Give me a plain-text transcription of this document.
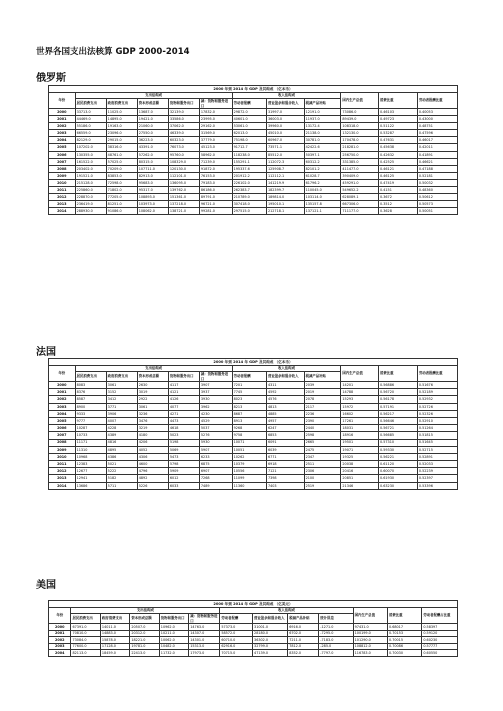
世界各国支出法核算 GDP 2000-2014
俄罗斯
2000 年到 2014 年 GDP 及其构成 （亿本币）											
年份	支出法构成					收入法构成			国内生产总值	消费比重	劳动者报酬比重
	居民消费支出	政府消费支出	资本形成总额	货物和服务出口	减：货物和服务进口	劳动者报酬	营业盈余和混合收入	税减产品补贴			
2000	33713.0	11025.0	13687.0	32139.0	17832.0	29872.0	31997.0	12191.0	73086.0	0.46103	0.40053
2001	44469.0	14895.0	19421.0	33586.0	23995.0	40601.0	36003.0	11937.0	89439.0	0.49723	0.43000
2002	55186.0	19163.0	21060.0	37062.0	29162.0	53061.0	39960.0	13172.4	108318.0	0.51122	0.48751
2003	66559.0	23096.0	27550.0	46339.0	31569.0	62013.0	45010.0	21138.0	132130.0	0.53287	0.47596
2004	82129.0	29015.0	36223.0	60323.0	37779.0	75198.0	60967.0	30781.0	170478.0	0.47631	0.46017
2005	107202.0	38316.0	43391.0	76073.0	45123.0	91712.7	73571.1	42422.6	218281.0	0.45638	0.42011
2006	130355.0	48761.0	57262.0	95760.0	58962.0	118238.0	85512.0	50397.1	256750.0	0.42632	0.41891
2007	161522.0	57025.0	80315.0	108329.0	71239.0	155291.1	112072.3	60312.2	331385.0	0.42525	0.46621
2008	203402.0	70209.0	107711.0	120130.0	91872.0	195337.6	125908.7	82101.2	411477.0	0.46121	0.47188
2009	191521.0	83853.0	82913.0	112101.0	76153.0	201912.2	112112.1	61028.7	390409.0	0.46125	0.52181
2010	215128.0	72598.0	95683.0	136095.0	79183.0	226102.0	141219.9	61796.2	459291.0	0.47419	0.50032
2011	225860.0	71802.0	95317.0	139762.0	86186.0	262383.7	182399.7	110045.0	549652.2	0.4151	0.48360
2012	228870.0	77205.0	108893.0	151361.0	89791.0	210789.0	189814.0	103114.0	628089.1	0.3672	0.50612
2013	236419.0	81251.0	103973.0	137218.0	96721.0	307418.0	195010.1	135157.8	667306.0	0.3512	0.50573
2014	288930.0	91086.0	108062.0	138721.0	99281.0	297515.0	212718.1	137121.1	711177.0	0.3628	0.50051
法国
2000 年到 2014 年 GDP 及其构成 （亿本币）											
年份	支出法构成					收入法构成			国内生产总值	消费比重	劳动者报酬比重
	居民消费支出	政府消费支出	资本形成总额	货物和服务出口	减：货物和服务进口	劳动者报酬	营业盈余和混合收入	税减产品补贴			
2000	8083	3061	2630	4117	3907	7201	4311	2039	14201	0.56886	0.51676
2001	8376	3152	3019	4121	3937	7745	4592	2019	14788	0.56720	0.52189
2002	8587	3412	2922	4126	3930	8023	4576	2078	15293	0.56178	0.52932
2003	8900	3771	3061	4077	3962	8213	4813	2117	15972	0.57191	0.52726
2004	9333	3906	3236	4271	4230	8687	4885	2236	16602	0.56217	0.52326
2005	9777	4007	3476	4473	4529	8913	4957	2390	17261	0.56646	0.52910
2006	10287	4228	3219	4618	5037	9268	6247	2440	18031	0.56721	0.51264
2007	10733	4389	4180	5023	5276	9758	6853	2598	18916	0.56685	0.51815
2008	11171	4816	4206	5198	5930	10071	6091	2665	19501	0.57310	0.51645
2009	11310	4895	4052	5069	5907	10051	6039	2475	19071	0.59330	0.52715
2010	10968	4386	4306	5473	6233	10262	6771	2347	19325	0.56221	0.52891
2011	12383	5021	4600	5798	6875	10379	6918	2511	20038	0.61120	0.52033
2012	12677	5222	4796	5909	6907	10556	7121	2306	20416	0.60070	0.52239
2013	12941	5182	4892	6012	7268	11099	7398	2100	20851	0.61930	0.52397
2014	13686	5711	5226	6033	7489	11360	7403	2519	21346	0.63230	0.53396
美国
2000 年到 2014 年 GDP 及其构成 （亿美元）												
年份	支出法构成					收入法构成				国内生产总值	消费比重	劳动者报酬占比重
	居民消费支出	政府消费支出	资本形成总额	货物和服务出口	减：货物和服务进口	劳动者报酬	营业盈余和混合收入	税减产品补贴	统计误差			
2000	67391.0	14011.0	20507.0	10962.0	14763.0	57373.0	31001.0	6916.0	-1271.0	97431.0	0.68017	0.58397
2001	70810.0	14883.0	20312.0	10211.0	14307.0	58572.0	28180.0	6702.0	-7295.0	100199.0	0.70153	0.59120
2002	73084.0	15878.0	18221.0	10062.0	14301.0	60710.0	36302.0	7211.0	-7183.0	101290.0	0.70015	0.60230
2003	77600.0	17128.0	19781.0	10482.0	15313.0	62916.0	32799.0	7812.0	-285.0	108812.0	0.70086	0.57777
2004	82113.0	18459.0	22413.0	11732.0	17973.0	70715.0	47139.0	8352.0	-7797.0	116783.0	0.70030	0.60550
